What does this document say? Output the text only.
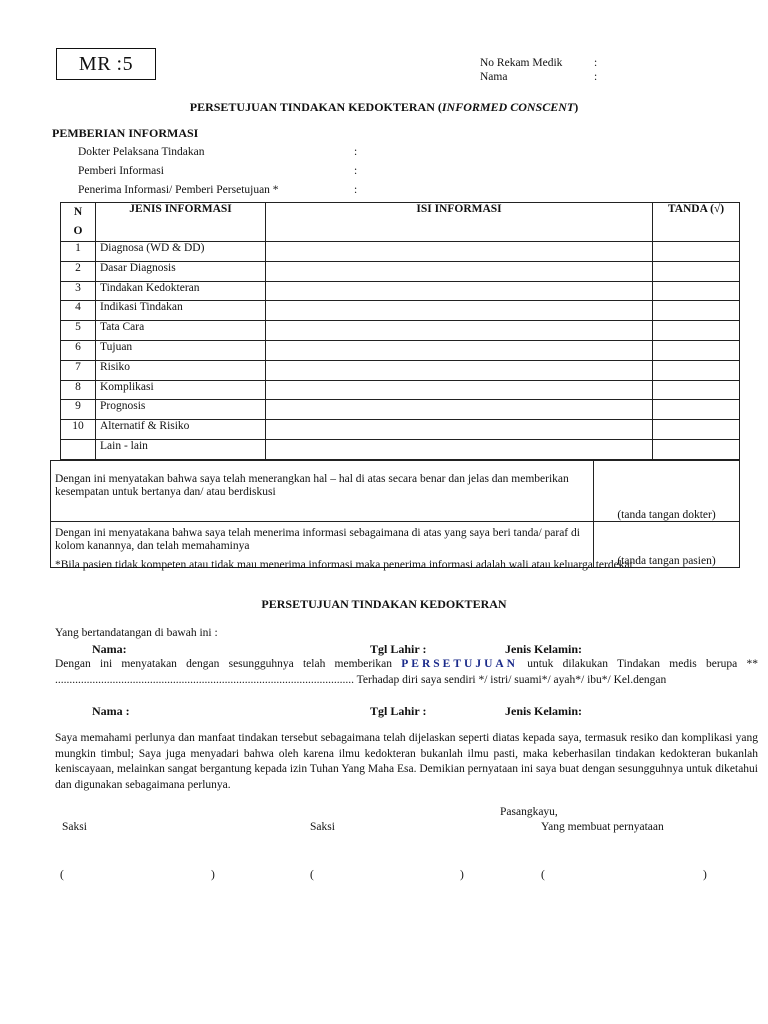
MR :5	No Rekam Medik	:
Nama	:
PERSETUJUAN TINDAKAN KEDOKTERAN (INFORMED CONSCENT)
PEMBERIAN INFORMASI
Dokter Pelaksana Tindakan	:
Pemberi Informasi	:
Penerima Informasi/ Pemberi Persetujuan *	:
N
O	JENIS INFORMASI	ISI INFORMASI	TANDA (√)
1	Diagnosa (WD & DD)		
2	Dasar Diagnosis		
3	Tindakan Kedokteran		
4	Indikasi Tindakan		
5	Tata Cara		
6	Tujuan		
7	Risiko		
8	Komplikasi		
9	Prognosis		
10	Alternatif & Risiko		
	Lain - lain		
Dengan ini menyatakan bahwa saya telah menerangkan hal – hal di atas secara benar dan jelas dan memberikan kesempatan untuk bertanya dan/ atau berdiskusi	(tanda tangan dokter)
Dengan ini menyatakana bahwa saya telah menerima informasi sebagaimana di atas yang saya beri tanda/ paraf di kolom kanannya, dan telah memahaminya	(tanda tangan pasien)
*Bila pasien tidak kompeten atau tidak mau menerima informasi maka penerima informasi adalah wali atau keluarga terdekat
PERSETUJUAN TINDAKAN KEDOKTERAN
Yang bertandatangan di bawah ini :
Nama:	Tgl Lahir :	Jenis Kelamin:
Dengan ini menyatakan dengan sesungguhnya telah memberikan PERSETUJUAN untuk dilakukan Tindakan medis berupa ** ........................................................................................................ Terhadap diri saya sendiri */ istri/ suami*/ ayah*/ ibu*/ Kel.dengan
Nama :	Tgl Lahir :	Jenis Kelamin:
Saya memahami perlunya dan manfaat tindakan tersebut sebagaimana telah dijelaskan seperti diatas kepada saya, termasuk resiko dan komplikasi yang mungkin timbul; Saya juga menyadari bahwa oleh karena ilmu kedokteran bukanlah ilmu pasti, maka keberhasilan tindakan kedokteran bukanlah keniscayaan, melainkan sangat bergantung kepada izin Tuhan Yang Maha Esa. Demikian pernyataan ini saya buat dengan sesungguhnya untuk diketahui dan digunakan sebagaimana perlunya.
Pasangkayu,
Saksi	Saksi	Yang membuat pernyataan
(	)	(	)	(	)
